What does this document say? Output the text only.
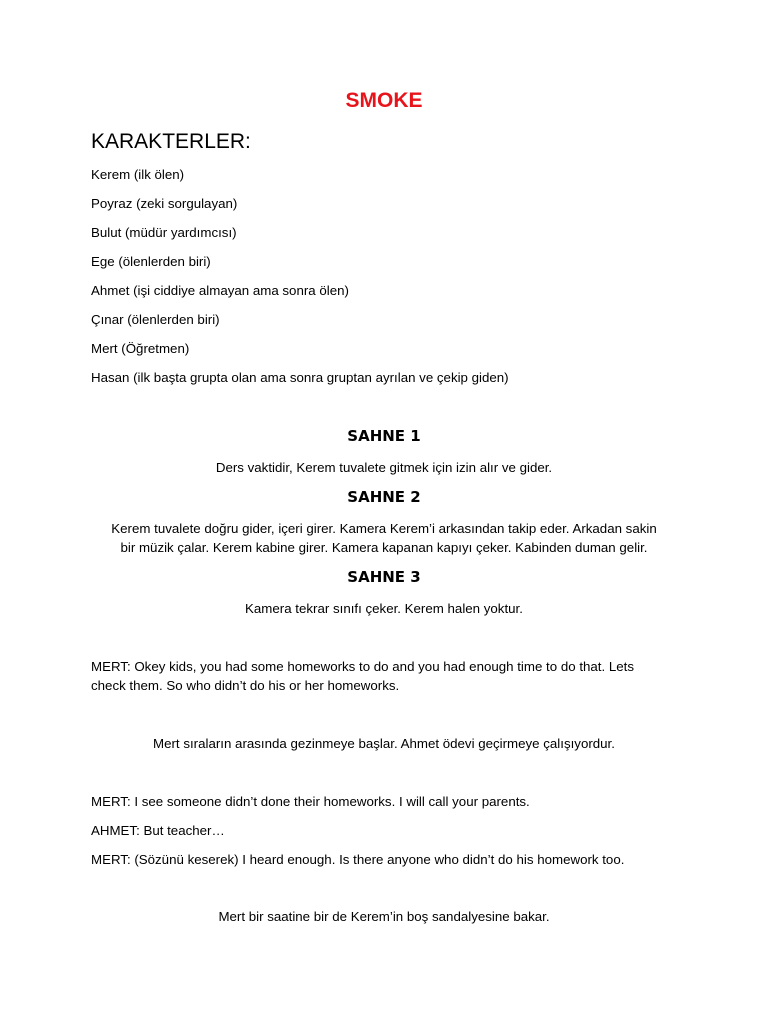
SMOKE
KARAKTERLER:

Kerem (ilk ölen)

Poyraz (zeki sorgulayan)

Bulut (müdür yardımcısı)

Ege (ölenlerden biri)

Ahmet (işi ciddiye almayan ama sonra ölen)

Çınar (ölenlerden biri)

Mert (Öğretmen)

Hasan (ilk başta grupta olan ama sonra gruptan ayrılan ve çekip giden)

SAHNE 1

Ders vaktidir, Kerem tuvalete gitmek için izin alır ve gider.

SAHNE 2

Kerem tuvalete doğru gider, içeri girer. Kamera Kerem’i arkasından takip eder. Arkadan sakin

bir müzik çalar. Kerem kabine girer. Kamera kapanan kapıyı çeker. Kabinden duman gelir.

SAHNE 3

Kamera tekrar sınıfı çeker. Kerem halen yoktur.

MERT: Okey kids, you had some homeworks to do and you had enough time to do that. Lets

check them. So who didn’t do his or her homeworks.

Mert sıraların arasında gezinmeye başlar. Ahmet ödevi geçirmeye çalışıyordur.

MERT: I see someone didn’t done their homeworks. I will call your parents.

AHMET: But teacher…

MERT: (Sözünü keserek) I heard enough. Is there anyone who didn’t do his homework too.

Mert bir saatine bir de Kerem’in boş sandalyesine bakar.
